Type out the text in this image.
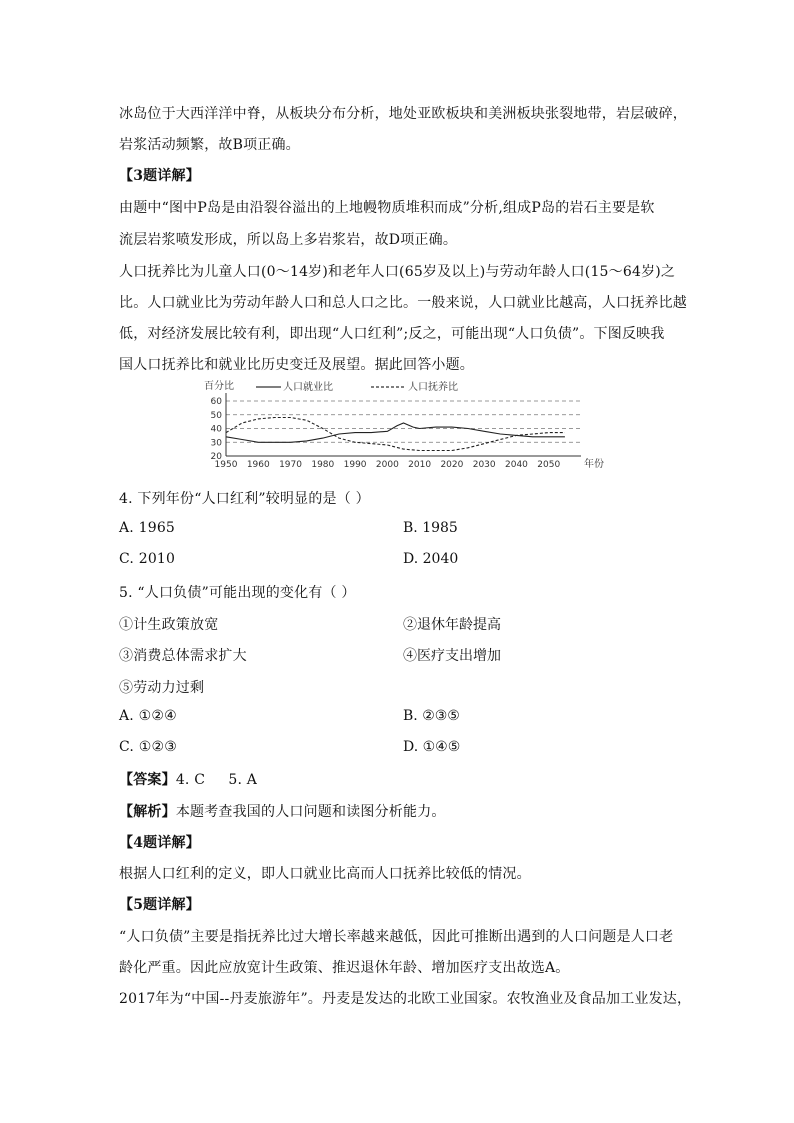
冰岛位于大西洋洋中脊，从板块分布分析，地处亚欧板块和美洲板块张裂地带，岩层破碎，
岩浆活动频繁，故B项正确。
【3题详解】
由题中“图中P岛是由沿裂谷溢出的上地幔物质堆积而成”分析,组成P岛的岩石主要是软
流层岩浆喷发形成，所以岛上多岩浆岩，故D项正确。
人口抚养比为儿童人口(0～14岁)和老年人口(65岁及以上)与劳动年龄人口(15～64岁)之
比。人口就业比为劳动年龄人口和总人口之比。一般来说，人口就业比越高，人口抚养比越
低，对经济发展比较有利，即出现“人口红利”;反之，可能出现“人口负债”。下图反映我
国人口抚养比和就业比历史变迁及展望。据此回答小题。
20
30
40
50
60
1950 1960 1970 1980 1990 2000 2010 2020 2030 2040 2050
百分比
年份
人口就业比	人口抚养比
4. 下列年份“人口红利”较明显的是（ ）
A. 1965	B. 1985
C. 2010	D. 2040
5. “人口负债”可能出现的变化有（ ）
①计生政策放宽	②退休年龄提高
③消费总体需求扩大	④医疗支出增加
⑤劳动力过剩
A. ①②④	B. ②③⑤
C. ①②③	D. ①④⑤
【答案】4. C     5. A
【解析】本题考查我国的人口问题和读图分析能力。
【4题详解】
根据人口红利的定义，即人口就业比高而人口抚养比较低的情况。
【5题详解】
“人口负债”主要是指抚养比过大增长率越来越低，因此可推断出遇到的人口问题是人口老
龄化严重。因此应放宽计生政策、推迟退休年龄、增加医疗支出故选A。
2017年为“中国--丹麦旅游年”。丹麦是发达的北欧工业国家。农牧渔业及食品加工业发达，
